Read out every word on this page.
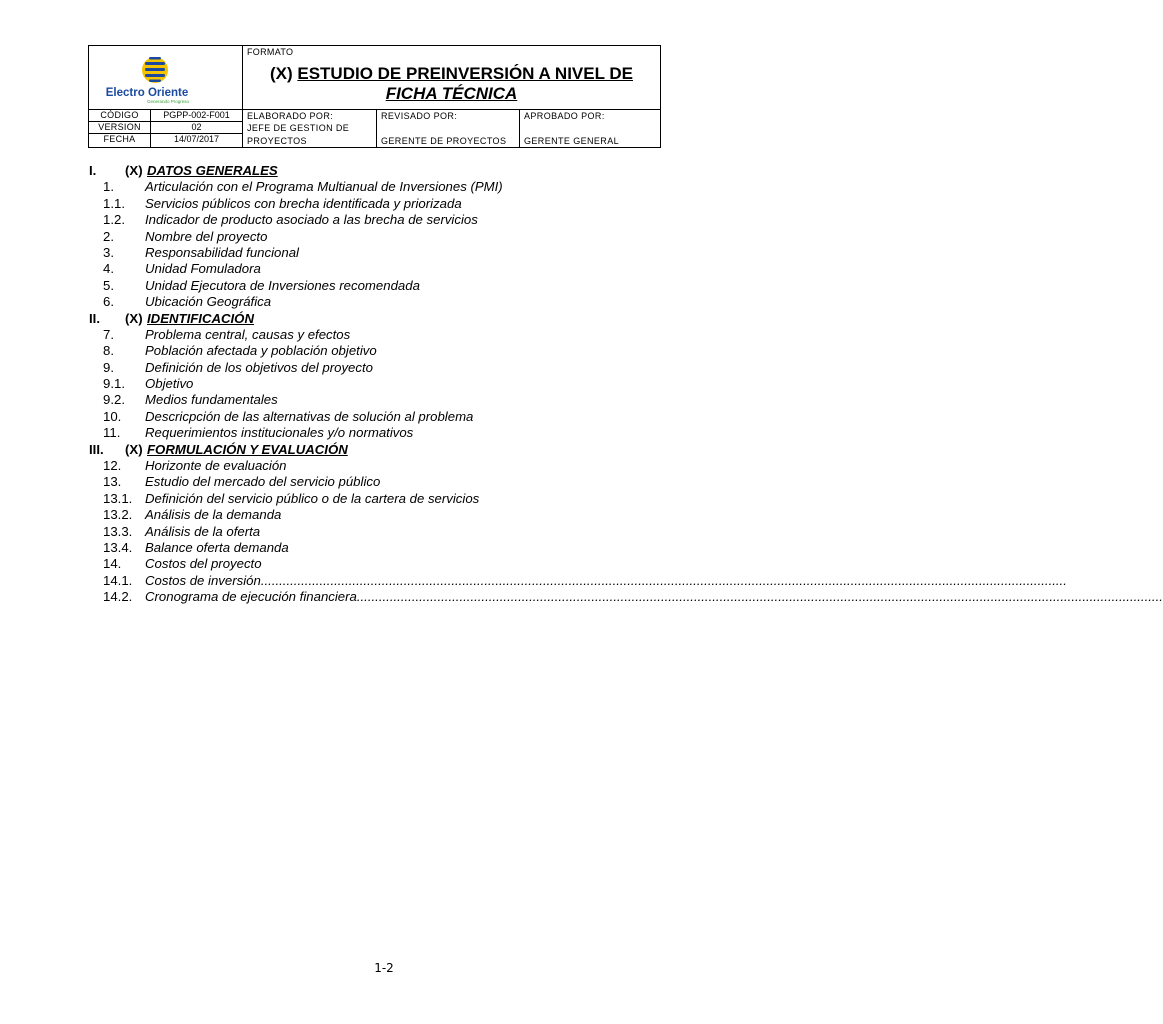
Electro Oriente
Generando Progreso
FORMATO
(X) ESTUDIO DE PREINVERSIÓN A NIVEL DE
FICHA TÉCNICA
CÓDIGO	PGPP-002-F001
VERSION	02
FECHA	14/07/2017
ELABORADO POR:
JEFE DE GESTION DE
PROYECTOS
REVISADO POR:
GERENTE DE PROYECTOS
APROBADO POR:
GERENTE GENERAL
I. (X) DATOS GENERALES
1. Articulación con el Programa Multianual de Inversiones (PMI)
1.1. Servicios públicos con brecha identificada y priorizada
1.2. Indicador de producto asociado a las brecha de servicios
2. Nombre del proyecto
3. Responsabilidad funcional
4. Unidad Fomuladora
5. Unidad Ejecutora de Inversiones recomendada
6. Ubicación Geográfica
II. (X) IDENTIFICACIÓN
7. Problema central, causas y efectos
8. Población afectada y población objetivo
9. Definición de los objetivos del proyecto
9.1. Objetivo
9.2. Medios fundamentales
10. Descricpción de las alternativas de solución al problema
11. Requerimientos institucionales y/o normativos
III. (X) FORMULACIÓN Y EVALUACIÓN
12. Horizonte de evaluación
13. Estudio del mercado del servicio público
13.1. Definición del servicio público o de la cartera de servicios
13.2. Análisis de la demanda
13.3. Análisis de la oferta
13.4. Balance oferta demanda
14. Costos del proyecto
14.1. Costos de inversión............................................................................................................................................................................................................................
14.2. Cronograma de ejecución financiera............................................................................................................................................................................................................................
1-2
